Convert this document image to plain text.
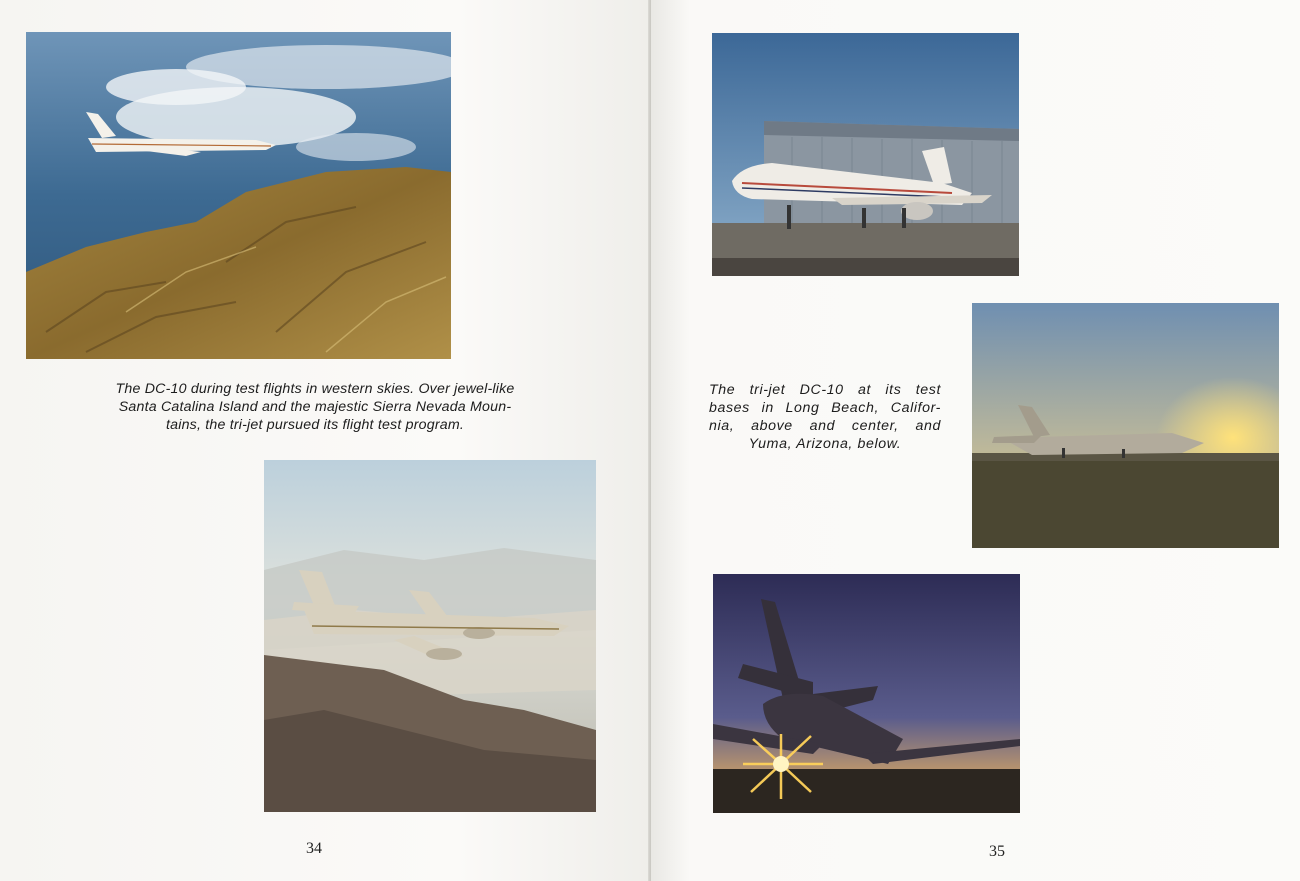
The DC-10 during test flights in western skies. Over jewel-like
Santa Catalina Island and the majestic Sierra Nevada Moun-
tains, the tri-jet pursued its flight test program.

34

The tri-jet DC-10 at its test
bases in Long Beach, Califor-
nia, above and center, and
Yuma, Arizona, below.

35
